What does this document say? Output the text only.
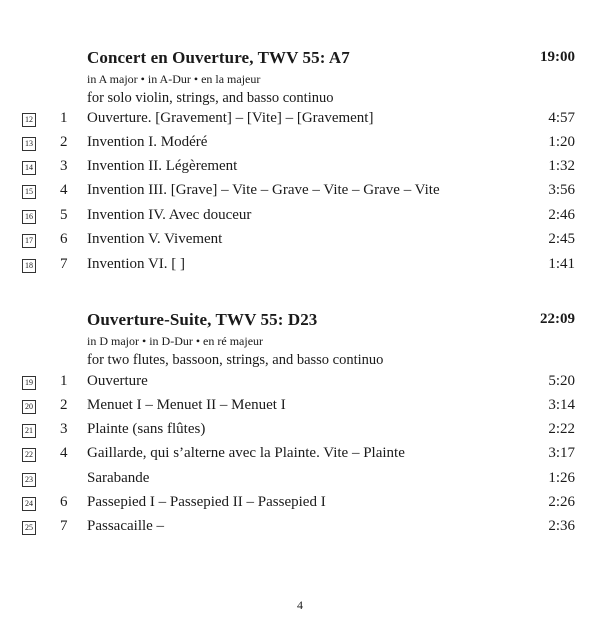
Concert en Ouverture, TWV 55: A7	19:00
in A major • in A-Dur • en la majeur
for solo violin, strings, and basso continuo
12 1 Ouverture. [Gravement] – [Vite] – [Gravement]	4:57
13 2 Invention I. Modéré	1:20
14 3 Invention II. Légèrement	1:32
15 4 Invention III. [Grave] – Vite – Grave – Vite – Grave – Vite	3:56
16 5 Invention IV. Avec douceur	2:46
17 6 Invention V. Vivement	2:45
18 7 Invention VI. [ ]	1:41
Ouverture-Suite, TWV 55: D23	22:09
in D major • in D-Dur • en ré majeur
for two flutes, bassoon, strings, and basso continuo
19 1 Ouverture	5:20
20 2 Menuet I – Menuet II – Menuet I	3:14
21 3 Plainte (sans flûtes)	2:22
22 4 Gaillarde, qui s’alterne avec la Plainte. Vite – Plainte	3:17
23	Sarabande	1:26
24 6 Passepied I – Passepied II – Passepied I	2:26
25 7 Passacaille –	2:36
4
